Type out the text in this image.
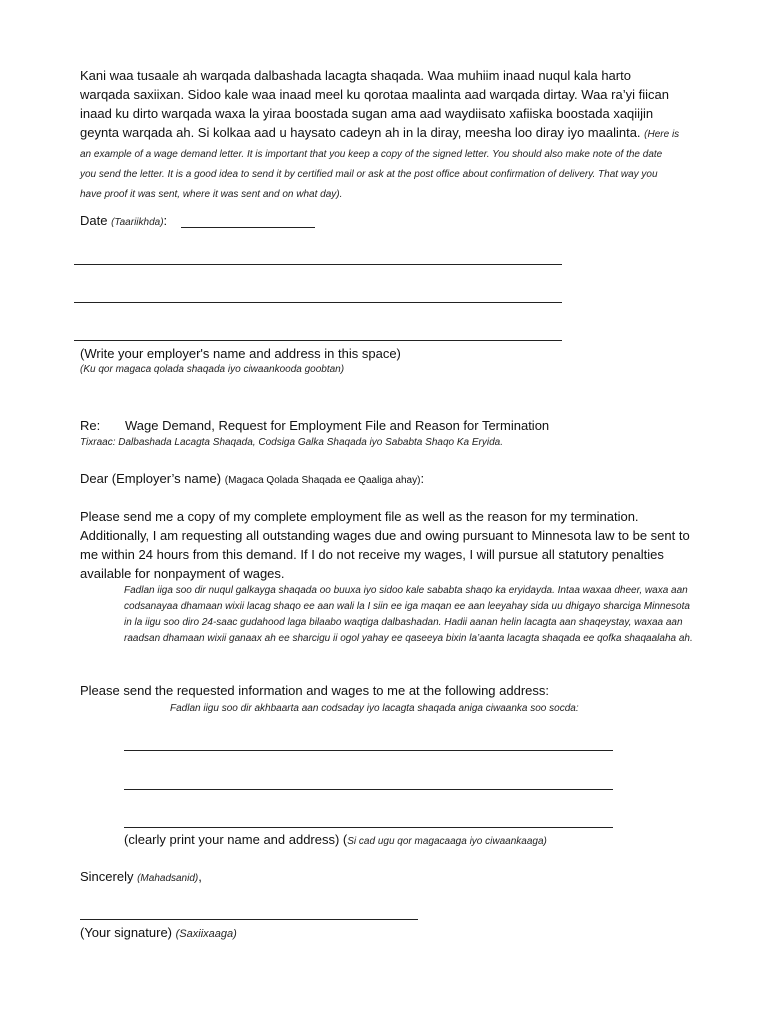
Kani waa tusaale ah warqada dalbashada lacagta shaqada. Waa muhiim inaad nuqul kala harto warqada saxiixan. Sidoo kale waa inaad meel ku qorotaa maalinta aad warqada dirtay. Waa ra’yi fiican inaad ku dirto warqada waxa la yiraa boostada sugan ama aad waydiisato xafiiska boostada xaqiijin geynta warqada ah. Si kolkaa aad u haysato cadeyn ah in la diray, meesha loo diray iyo maalinta. (Here is an example of a wage demand letter. It is important that you keep a copy of the signed letter. You should also make note of the date you send the letter. It is a good idea to send it by certified mail or ask at the post office about confirmation of delivery. That way you have proof it was sent, where it was sent and on what day).
Date (Taariikhda):
(Write your employer's name and address in this space)
(Ku qor magaca qolada shaqada iyo ciwaankooda goobtan)
Re: Wage Demand, Request for Employment File and Reason for Termination
Tixraac: Dalbashada Lacagta Shaqada, Codsiga Galka Shaqada iyo Sababta Shaqo Ka Eryida.
Dear (Employer’s name) (Magaca Qolada Shaqada ee Qaaliga ahay):
Please send me a copy of my complete employment file as well as the reason for my termination. Additionally, I am requesting all outstanding wages due and owing pursuant to Minnesota law to be sent to me within 24 hours from this demand. If I do not receive my wages, I will pursue all statutory penalties available for nonpayment of wages.
Fadlan iiga soo dir nuqul galkayga shaqada oo buuxa iyo sidoo kale sababta shaqo ka eryidayda. Intaa waxaa dheer, waxa aan codsanayaa dhamaan wixii lacag shaqo ee aan wali la I siin ee iga maqan ee aan leeyahay sida uu dhigayo sharciga Minnesota in la iigu soo diro 24-saac gudahood laga bilaabo waqtiga dalbashadan. Hadii aanan helin lacagta aan shaqeystay, waxaa aan raadsan dhamaan wixii ganaax ah ee sharcigu ii ogol yahay ee qaseeya bixin la’aanta lacagta shaqada ee qofka shaqaalaha ah.
Please send the requested information and wages to me at the following address:
Fadlan iigu soo dir akhbaarta aan codsaday iyo lacagta shaqada aniga ciwaanka soo socda:
(clearly print your name and address) (Si cad ugu qor magacaaga iyo ciwaankaaga)
Sincerely (Mahadsanid),
(Your signature) (Saxiixaaga)
